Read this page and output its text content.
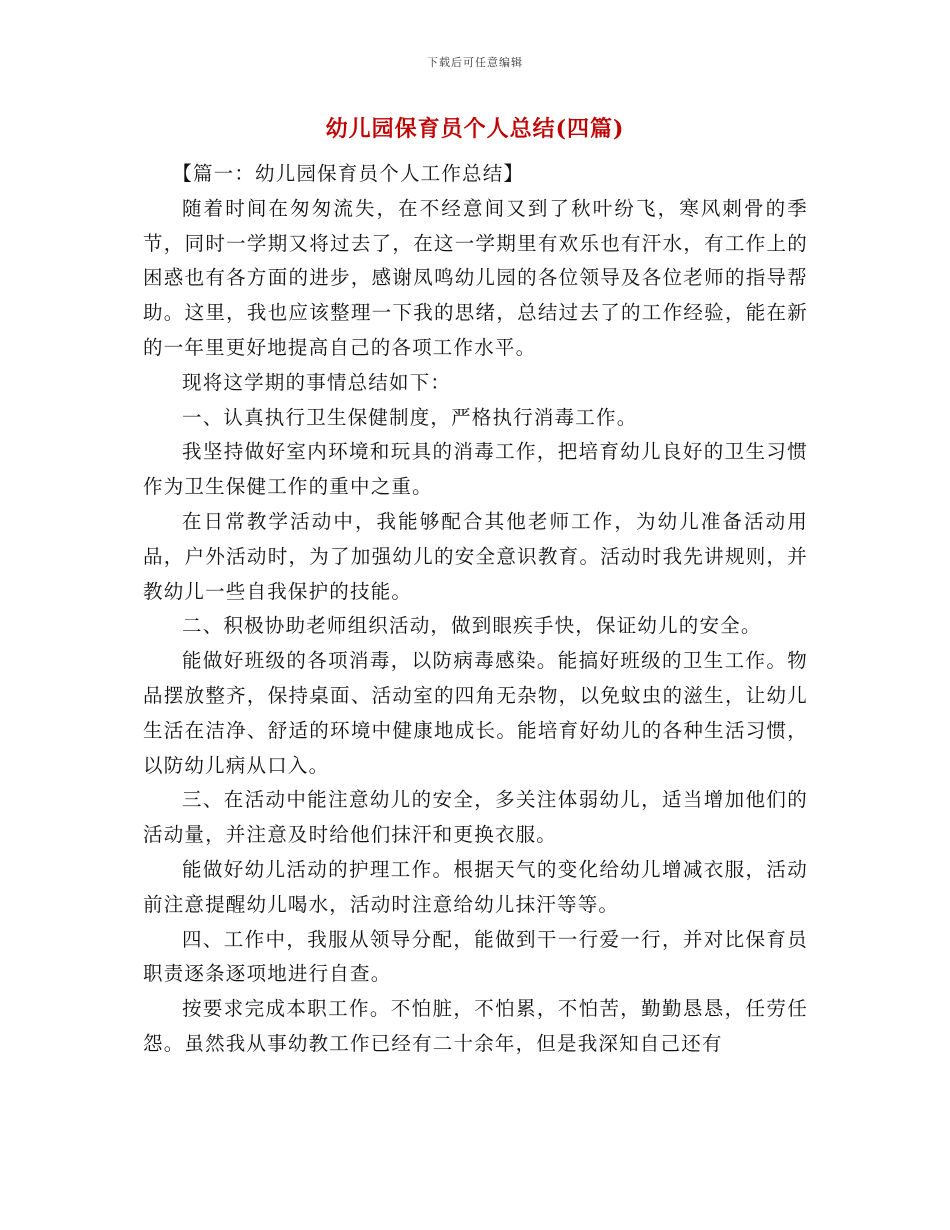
下载后可任意编辑
幼儿园保育员个人总结(四篇)

【篇一：幼儿园保育员个人工作总结】

随着时间在匆匆流失，在不经意间又到了秋叶纷飞，寒风刺骨的季节，同时一学期又将过去了，在这一学期里有欢乐也有汗水，有工作上的困惑也有各方面的进步，感谢凤鸣幼儿园的各位领导及各位老师的指导帮助。这里，我也应该整理一下我的思绪，总结过去了的工作经验，能在新的一年里更好地提高自己的各项工作水平。

现将这学期的事情总结如下：

一、认真执行卫生保健制度，严格执行消毒工作。

我坚持做好室内环境和玩具的消毒工作，把培育幼儿良好的卫生习惯作为卫生保健工作的重中之重。

在日常教学活动中，我能够配合其他老师工作，为幼儿准备活动用品，户外活动时，为了加强幼儿的安全意识教育。活动时我先讲规则，并教幼儿一些自我保护的技能。

二、积极协助老师组织活动，做到眼疾手快，保证幼儿的安全。

能做好班级的各项消毒，以防病毒感染。能搞好班级的卫生工作。物品摆放整齐，保持桌面、活动室的四角无杂物，以免蚊虫的滋生，让幼儿生活在洁净、舒适的环境中健康地成长。能培育好幼儿的各种生活习惯，以防幼儿病从口入。

三、在活动中能注意幼儿的安全，多关注体弱幼儿，适当增加他们的活动量，并注意及时给他们抹汗和更换衣服。

能做好幼儿活动的护理工作。根据天气的变化给幼儿增减衣服，活动前注意提醒幼儿喝水，活动时注意给幼儿抹汗等等。

四、工作中，我服从领导分配，能做到干一行爱一行，并对比保育员职责逐条逐项地进行自查。

按要求完成本职工作。不怕脏，不怕累，不怕苦，勤勤恳恳，任劳任怨。虽然我从事幼教工作已经有二十余年，但是我深知自己还有
